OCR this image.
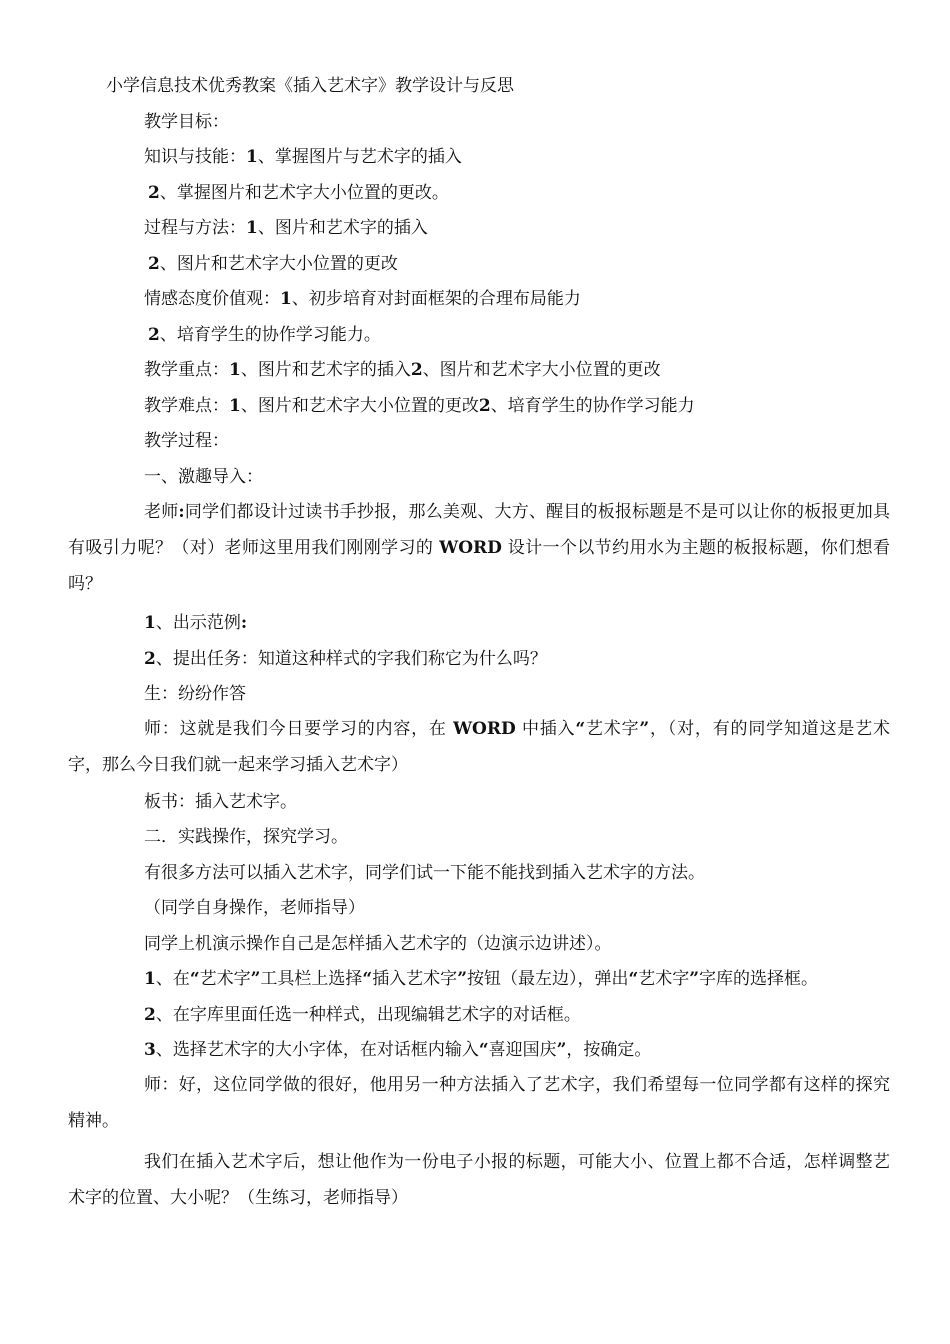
小学信息技术优秀教案《插入艺术字》教学设计与反思
教学目标：
知识与技能：1、掌握图片与艺术字的插入
2、掌握图片和艺术字大小位置的更改。
过程与方法：1、图片和艺术字的插入
2、图片和艺术字大小位置的更改
情感态度价值观：1、初步培育对封面框架的合理布局能力
2、培育学生的协作学习能力。
教学重点：1、图片和艺术字的插入2、图片和艺术字大小位置的更改
教学难点：1、图片和艺术字大小位置的更改2、培育学生的协作学习能力
教学过程：
一、激趣导入：
老师:同学们都设计过读书手抄报，那么美观、大方、醒目的板报标题是不是可以让你的板报更加具有吸引力呢？（对）老师这里用我们刚刚学习的 WORD 设计一个以节约用水为主题的板报标题，你们想看吗？
1、出示范例:
2、提出任务：知道这种样式的字我们称它为什么吗？
生：纷纷作答
师：这就是我们今日要学习的内容，在 WORD 中插入“艺术字”，（对，有的同学知道这是艺术字，那么今日我们就一起来学习插入艺术字）
板书：插入艺术字。
二．实践操作，探究学习。
有很多方法可以插入艺术字，同学们试一下能不能找到插入艺术字的方法。
（同学自身操作，老师指导）
同学上机演示操作自己是怎样插入艺术字的（边演示边讲述）。
1、在“艺术字”工具栏上选择“插入艺术字”按钮（最左边），弹出“艺术字”字库的选择框。
2、在字库里面任选一种样式，出现编辑艺术字的对话框。
3、选择艺术字的大小字体，在对话框内输入“喜迎国庆”，按确定。
师：好，这位同学做的很好，他用另一种方法插入了艺术字，我们希望每一位同学都有这样的探究精神。
我们在插入艺术字后，想让他作为一份电子小报的标题，可能大小、位置上都不合适，怎样调整艺术字的位置、大小呢？（生练习，老师指导）
